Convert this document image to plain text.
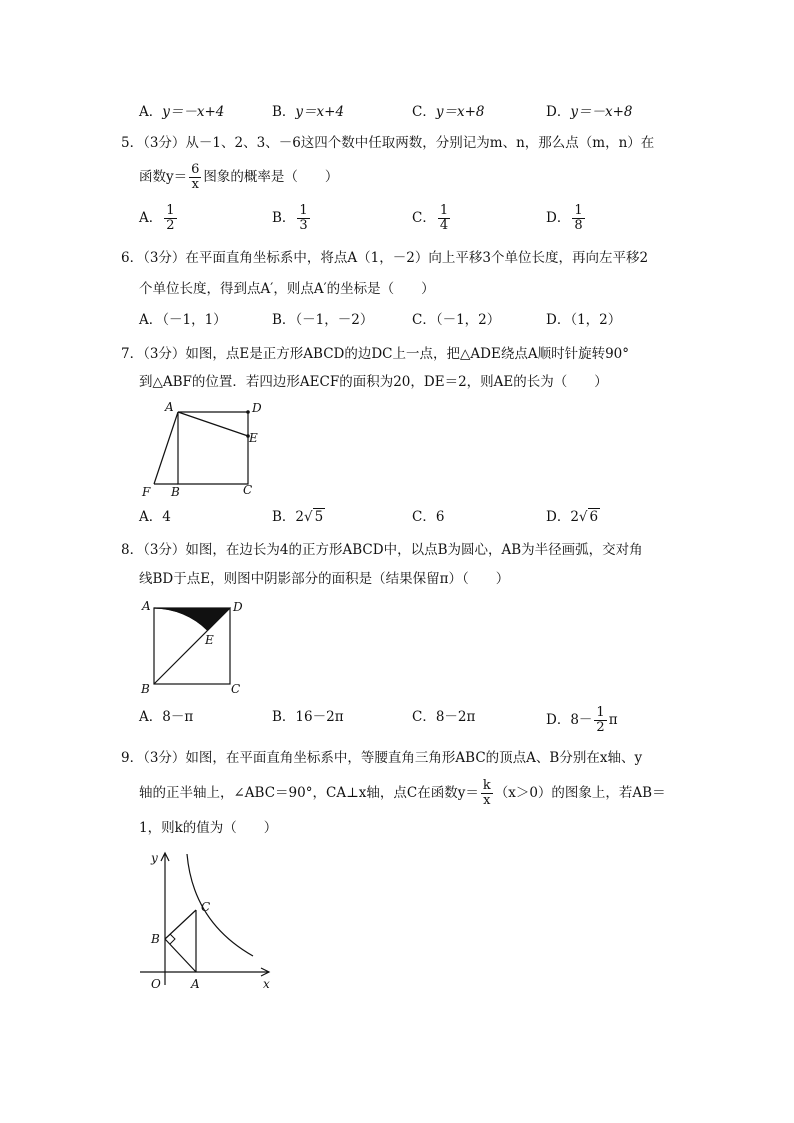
A．y＝－x+4	B．y＝x+4	C．y＝x+8	D．y＝－x+8
5．（3分）从－1、2、3、－6这四个数中任取两数，分别记为m、n，那么点（m，n）在
函数$y= \frac{6}{x}$ 图象的概率是（　　）
A． $\frac{1}{2}$	B． $\frac{1}{3}$	C． $\frac{1}{4}$	D． $\frac{1}{8}$
6．（3分）在平面直角坐标系中，将点A（1，－2）向上平移3个单位长度，再向左平移2
个单位长度，得到点A′，则点A′的坐标是（　　）
A．（－1，1）	B．（－1，－2）	C．（－1，2）	D．（1，2）
7．（3分）如图，点E是正方形ABCD的边DC上一点，把△ADE绕点A顺时针旋转90°
到△ABF的位置．若四边形AECF的面积为20，DE＝2，则AE的长为（　　）
A	D
E
F B	C
A．4	B．2√ 5	C．6	D．2√ 6
8．（3分）如图，在边长为4的正方形ABCD中，以点B为圆心，AB为半径画弧，交对角
线BD于点E，则图中阴影部分的面积是（结果保留π）（　　）
A	D
E
B	C
A．8－π	B．16－2π	C．8－2π	D．$8- \frac{1}{2}$ π
9．（3分）如图，在平面直角坐标系中，等腰直角三角形ABC的顶点A、B分别在x轴、y
轴的正半轴上，∠ABC＝90°，CA⊥x轴，点C在函数$y= \frac{k}{x} (x>0)$的图象上，若AB＝
1，则k的值为（　　）
y
x
O	A
B
C
